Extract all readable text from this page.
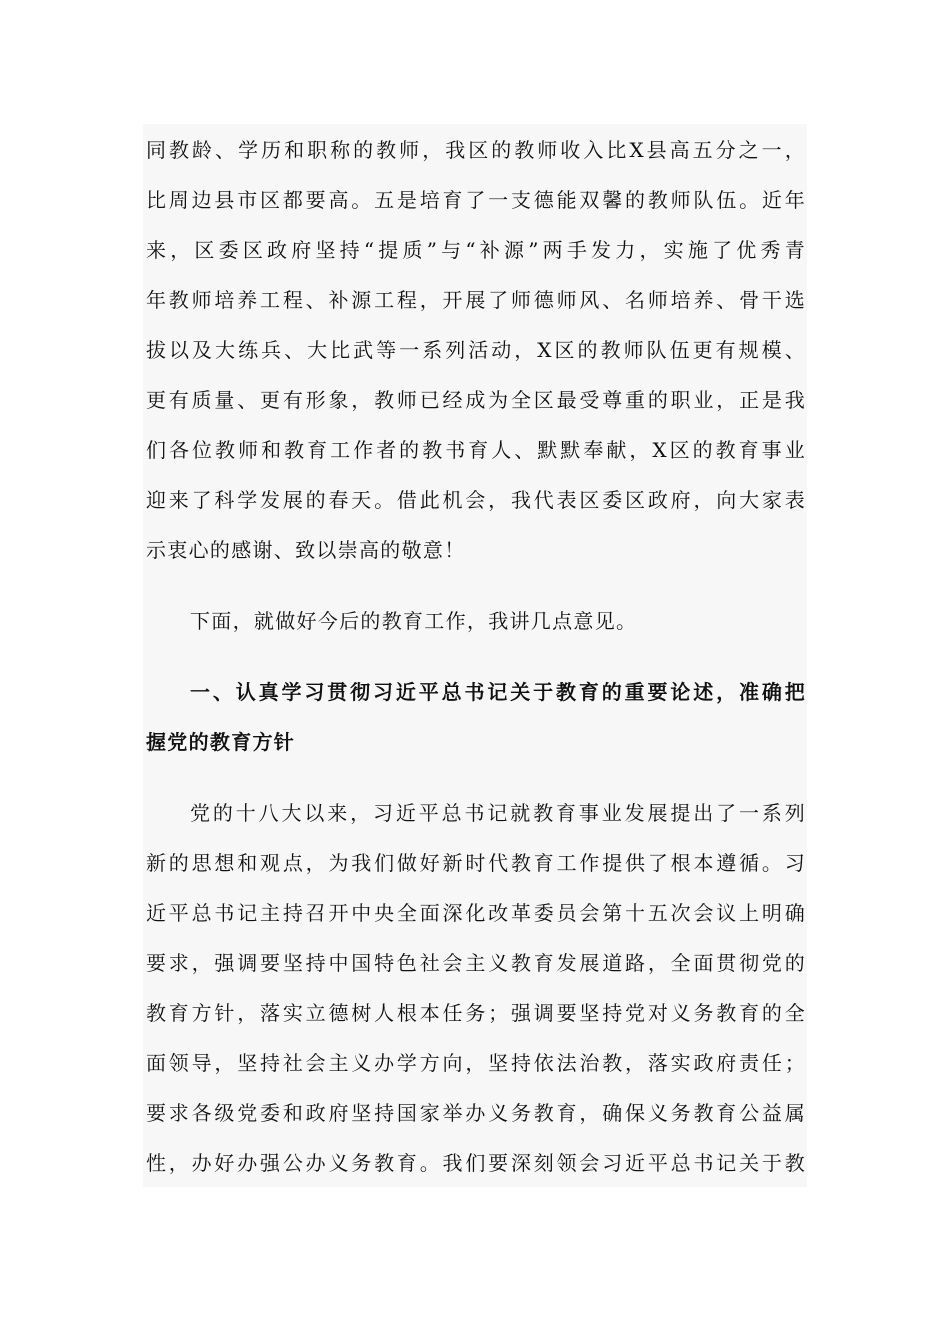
同教龄、学历和职称的教师，我区的教师收入比X县高五分之一，
比周边县市区都要高。五是培育了一支德能双馨的教师队伍。近年
来，区委区政府坚持“提质”与“补源”两手发力，实施了优秀青
年教师培养工程、补源工程，开展了师德师风、名师培养、骨干选
拔以及大练兵、大比武等一系列活动，X区的教师队伍更有规模、
更有质量、更有形象，教师已经成为全区最受尊重的职业，正是我
们各位教师和教育工作者的教书育人、默默奉献，X区的教育事业
迎来了科学发展的春天。借此机会，我代表区委区政府，向大家表
示衷心的感谢、致以崇高的敬意！
下面，就做好今后的教育工作，我讲几点意见。
一、认真学习贯彻习近平总书记关于教育的重要论述，准确把
握党的教育方针
党的十八大以来，习近平总书记就教育事业发展提出了一系列
新的思想和观点，为我们做好新时代教育工作提供了根本遵循。习
近平总书记主持召开中央全面深化改革委员会第十五次会议上明确
要求，强调要坚持中国特色社会主义教育发展道路，全面贯彻党的
教育方针，落实立德树人根本任务；强调要坚持党对义务教育的全
面领导，坚持社会主义办学方向，坚持依法治教，落实政府责任；
要求各级党委和政府坚持国家举办义务教育，确保义务教育公益属
性，办好办强公办义务教育。我们要深刻领会习近平总书记关于教
